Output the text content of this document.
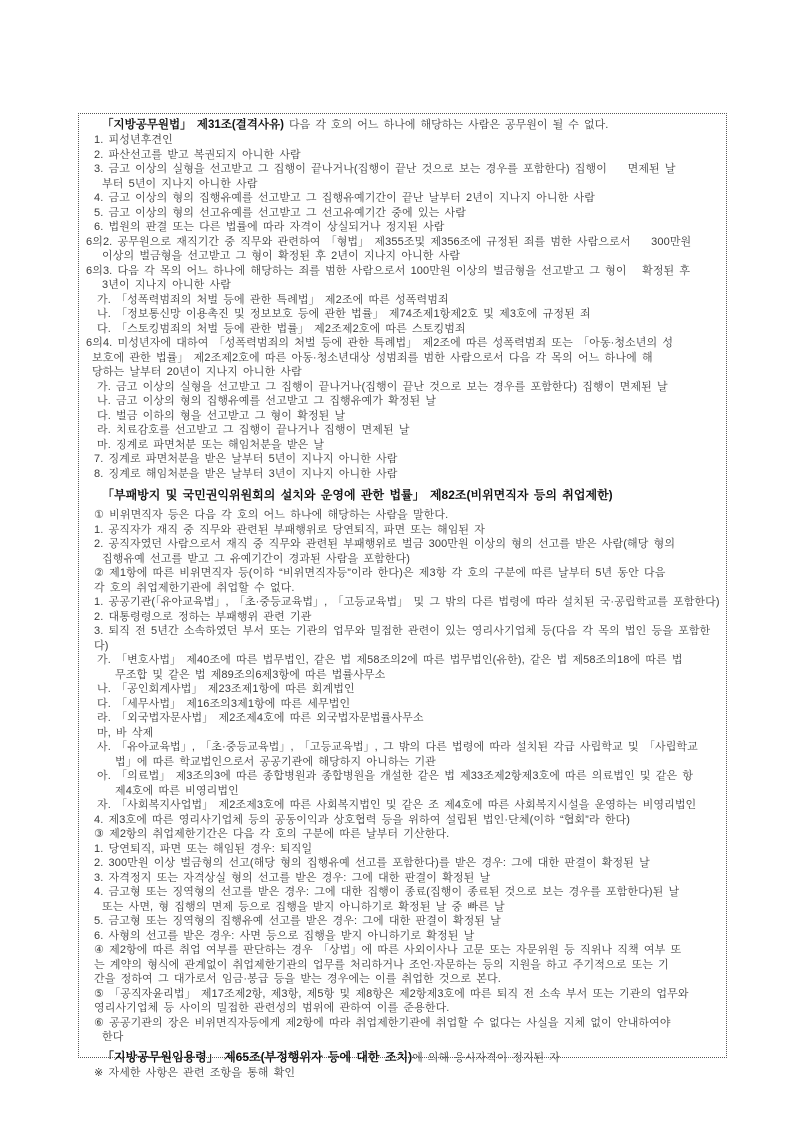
「지방공무원법」 제31조(결격사유) 다음 각 호의 어느 하나에 해당하는 사람은 공무원이 될 수 없다.
1. 피성년후견인
2. 파산선고를 받고 복권되지 아니한 사람
3. 금고 이상의 실형을 선고받고 그 집행이 끝나거나(집행이 끝난 것으로 보는 경우를 포함한다) 집행이    면제된 날
부터 5년이 지나지 아니한 사람
4. 금고 이상의 형의 집행유예를 선고받고 그 집행유예기간이 끝난 날부터 2년이 지나지 아니한 사람
5. 금고 이상의 형의 선고유예를 선고받고 그 선고유예기간 중에 있는 사람
6. 법원의 판결 또는 다른 법률에 따라 자격이 상실되거나 정지된 사람
6의2. 공무원으로 재직기간 중 직무와 관련하여 「형법」 제355조및 제356조에 규정된 죄를 범한 사람으로서    300만원
이상의 벌금형을 선고받고 그 형이 확정된 후 2년이 지나지 아니한 사람
6의3. 다음 각 목의 어느 하나에 해당하는 죄를 범한 사람으로서 100만원 이상의 벌금형을 선고받고 그 형이   확정된 후
3년이 지나지 아니한 사람
가. 「성폭력범죄의 처벌 등에 관한 특례법」 제2조에 따른 성폭력범죄
나. 「정보통신망 이용촉진 및 정보보호 등에 관한 법률」 제74조제1항제2호 및 제3호에 규정된 죄
다. 「스토킹범죄의 처벌 등에 관한 법률」 제2조제2호에 따른 스토킹범죄
6의4. 미성년자에 대하여 「성폭력범죄의 처벌 등에 관한 특례법」 제2조에 따른 성폭력범죄 또는 「아동·청소년의 성
보호에 관한 법률」 제2조제2호에 따른 아동·청소년대상 성범죄를 범한 사람으로서 다음 각 목의 어느 하나에 해
당하는 날부터 20년이 지나지 아니한 사람
가. 금고 이상의 실형을 선고받고 그 집행이 끝나거나(집행이 끝난 것으로 보는 경우를 포함한다) 집행이 면제된 날
나. 금고 이상의 형의 집행유예를 선고받고 그 집행유예가 확정된 날
다. 벌금 이하의 형을 선고받고 그 형이 확정된 날
라. 치료감호를 선고받고 그 집행이 끝나거나 집행이 면제된 날
마. 징계로 파면처분 또는 해임처분을 받은 날
7. 징계로 파면처분을 받은 날부터 5년이 지나지 아니한 사람
8. 징계로 해임처분을 받은 날부터 3년이 지나지 아니한 사람
「부패방지 및 국민권익위원회의 설치와 운영에 관한 법률」 제82조(비위면직자 등의 취업제한)
① 비위면직자 등은 다음 각 호의 어느 하나에 해당하는 사람을 말한다.
1. 공직자가 재직 중 직무와 관련된 부패행위로 당연퇴직, 파면 또는 해임된 자
2. 공직자였던 사람으로서 재직 중 직무와 관련된 부패행위로 벌금 300만원 이상의 형의 선고를 받은 사람(해당 형의
집행유예 선고를 받고 그 유예기간이 경과된 사람을 포함한다)
② 제1항에 따른 비위면직자 등(이하 “비위면직자등”이라 한다)은 제3항 각 호의 구분에 따른 날부터 5년 동안 다음
각 호의 취업제한기관에 취업할 수 없다.
1. 공공기관(「유아교육법」, 「초·중등교육법」, 「고등교육법」 및 그 밖의 다른 법령에 따라 설치된 국·공립학교를 포함한다)
2. 대통령령으로 정하는 부패행위 관련 기관
3. 퇴직 전 5년간 소속하였던 부서 또는 기관의 업무와 밀접한 관련이 있는 영리사기업체 등(다음 각 목의 법인 등을 포함한다)
가. 「변호사법」 제40조에 따른 법무법인, 같은 법 제58조의2에 따른 법무법인(유한), 같은 법 제58조의18에 따른 법
무조합 및 같은 법 제89조의6제3항에 따른 법률사무소
나. 「공인회계사법」 제23조제1항에 따른 회계법인
다. 「세무사법」 제16조의3제1항에 따른 세무법인
라. 「외국법자문사법」 제2조제4호에 따른 외국법자문법률사무소
마, 바 삭제
사. 「유아교육법」, 「초·중등교육법」, 「고등교육법」, 그 밖의 다른 법령에 따라 설치된 각급 사립학교 및 「사립학교
법」에 따른 학교법인으로서 공공기관에 해당하지 아니하는 기관
아. 「의료법」 제3조의3에 따른 종합병원과 종합병원을 개설한 같은 법 제33조제2항제3호에 따른 의료법인 및 같은 항
제4호에 따른 비영리법인
자. 「사회복지사업법」 제2조제3호에 따른 사회복지법인 및 같은 조 제4호에 따른 사회복지시설을 운영하는 비영리법인
4. 제3호에 따른 영리사기업체 등의 공동이익과 상호협력 등을 위하여 설립된 법인·단체(이하 “협회”라 한다)
③ 제2항의 취업제한기간은 다음 각 호의 구분에 따른 날부터 기산한다.
1. 당연퇴직, 파면 또는 해임된 경우: 퇴직일
2. 300만원 이상 벌금형의 선고(해당 형의 집행유예 선고를 포함한다)를 받은 경우: 그에 대한 판결이 확정된 날
3. 자격정지 또는 자격상실 형의 선고를 받은 경우: 그에 대한 판결이 확정된 날
4. 금고형 또는 징역형의 선고를 받은 경우: 그에 대한 집행이 종료(집행이 종료된 것으로 보는 경우를 포함한다)된 날
또는 사면, 형 집행의 면제 등으로 집행을 받지 아니하기로 확정된 날 중 빠른 날
5. 금고형 또는 징역형의 집행유예 선고를 받은 경우: 그에 대한 판결이 확정된 날
6. 사형의 선고를 받은 경우: 사면 등으로 집행을 받지 아니하기로 확정된 날
④ 제2항에 따른 취업 여부를 판단하는 경우 「상법」에 따른 사외이사나 고문 또는 자문위원 등 직위나 직책 여부 또
는 계약의 형식에 관계없이 취업제한기관의 업무를 처리하거나 조언·자문하는 등의 지원을 하고 주기적으로 또는 기
간을 정하여 그 대가로서 임금·봉급 등을 받는 경우에는 이를 취업한 것으로 본다.
⑤ 「공직자윤리법」 제17조제2항, 제3항, 제5항 및 제8항은 제2항제3호에 따른 퇴직 전 소속 부서 또는 기관의 업무와
영리사기업체 등 사이의 밀접한 관련성의 범위에 관하여 이를 준용한다.
⑥ 공공기관의 장은 비위면직자등에게 제2항에 따라 취업제한기관에 취업할 수 없다는 사실을 지체 없이 안내하여야
한다
「지방공무원임용령」 제65조(부정행위자 등에 대한 조치)에 의해 응시자격이 정지된 자
※ 자세한 사항은 관련 조항을 통해 확인
